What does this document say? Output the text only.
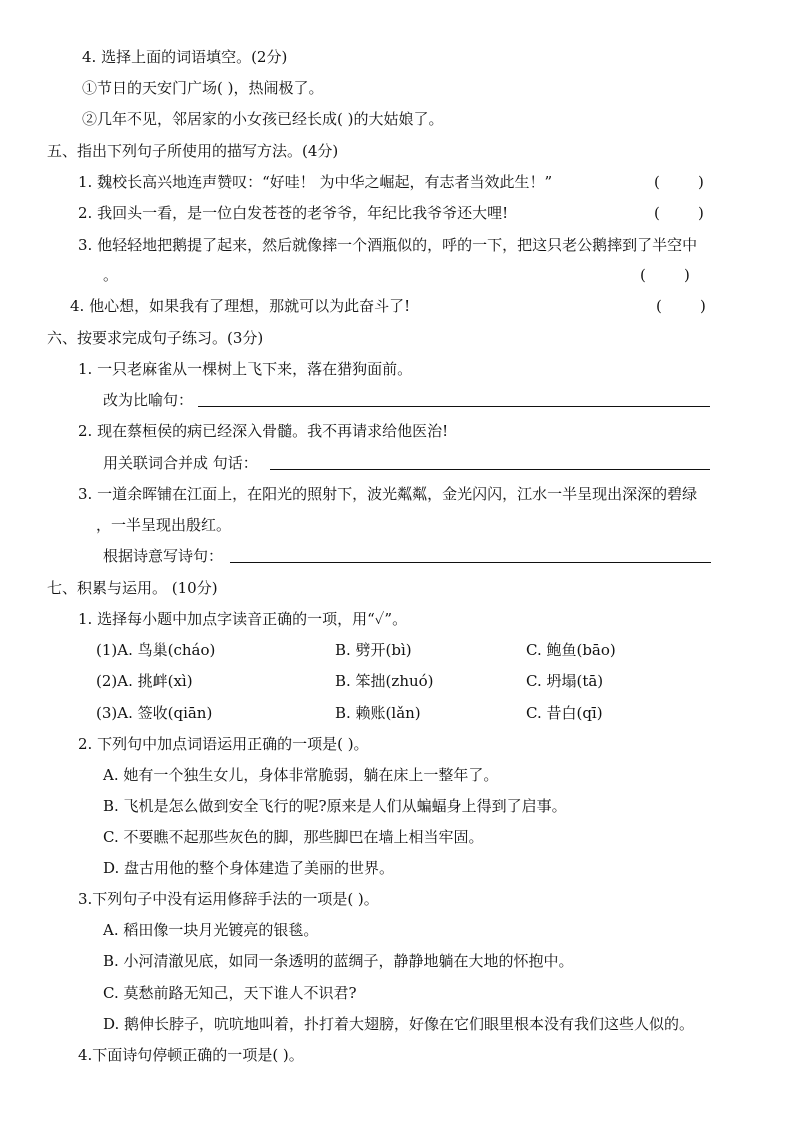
4. 选择上面的词语填空。(2分)
①节日的天安门广场( )，热闹极了。
②几年不见，邻居家的小女孩已经长成( )的大姑娘了。
五、指出下列句子所使用的描写方法。(4分)
1. 魏校长高兴地连声赞叹：“好哇！ 为中华之崛起，有志者当效此生！”	(        )
2. 我回头一看，是一位白发苍苍的老爷爷，年纪比我爷爷还大哩!	(        )
3. 他轻轻地把鹅提了起来，然后就像摔一个酒瓶似的，呼的一下，把这只老公鹅摔到了半空中
。	(        )
4. 他心想，如果我有了理想，那就可以为此奋斗了!	(        )
六、按要求完成句子练习。(3分)
1. 一只老麻雀从一棵树上飞下来，落在猎狗面前。
改为比喻句：
2. 现在蔡桓侯的病已经深入骨髓。我不再请求给他医治!
用关联词合并成 句话：
3. 一道余晖铺在江面上，在阳光的照射下，波光粼粼，金光闪闪，江水一半呈现出深深的碧绿
，一半呈现出殷红。
根据诗意写诗句：
七、积累与运用。 (10分)
1. 选择每小题中加点字读音正确的一项，用“✓”。
(1)A. 鸟巢(cháo)	B. 劈开(bì)	C. 鲍鱼(bāo)
(2)A. 挑衅(xì)	B. 笨拙(zhuó)	C. 坍塌(tā)
(3)A. 签收(qiān)	B. 赖账(lǎn)	C. 昔白(qī)
2. 下列句中加点词语运用正确的一项是( )。
A. 她有一个独生女儿，身体非常脆弱，躺在床上一整年了。
B. 飞机是怎么做到安全飞行的呢?原来是人们从蝙蝠身上得到了启事。
C. 不要瞧不起那些灰色的脚，那些脚巴在墙上相当牢固。
D. 盘古用他的整个身体建造了美丽的世界。
3.下列句子中没有运用修辞手法的一项是( )。
A. 稻田像一块月光镀亮的银毯。
B. 小河清澈见底，如同一条透明的蓝绸子，静静地躺在大地的怀抱中。
C. 莫愁前路无知己，天下谁人不识君?
D. 鹅伸长脖子，吭吭地叫着，扑打着大翅膀，好像在它们眼里根本没有我们这些人似的。
4.下面诗句停顿正确的一项是( )。
